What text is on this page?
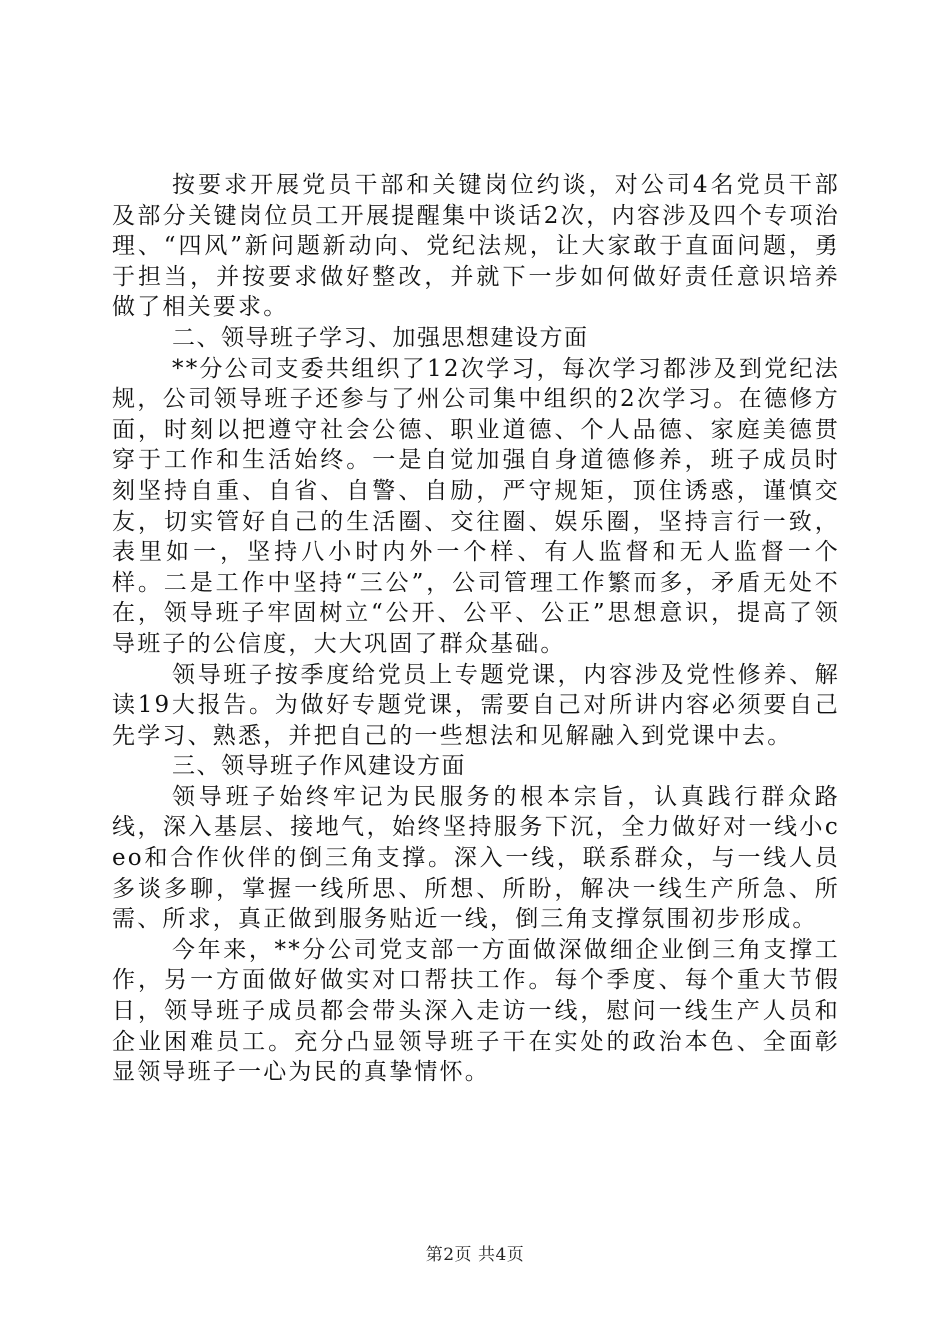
按要求开展党员干部和关键岗位约谈，对公司4名党员干部及部分关键岗位员工开展提醒集中谈话2次，内容涉及四个专项治理、“四风”新问题新动向、党纪法规，让大家敢于直面问题，勇于担当，并按要求做好整改，并就下一步如何做好责任意识培养做了相关要求。

二、领导班子学习、加强思想建设方面

**分公司支委共组织了12次学习，每次学习都涉及到党纪法规，公司领导班子还参与了州公司集中组织的2次学习。在德修方面，时刻以把遵守社会公德、职业道德、个人品德、家庭美德贯穿于工作和生活始终。一是自觉加强自身道德修养，班子成员时刻坚持自重、自省、自警、自励，严守规矩，顶住诱惑，谨慎交友，切实管好自己的生活圈、交往圈、娱乐圈，坚持言行一致，表里如一，坚持八小时内外一个样、有人监督和无人监督一个样。二是工作中坚持“三公”，公司管理工作繁而多，矛盾无处不在，领导班子牢固树立“公开、公平、公正”思想意识，提高了领导班子的公信度，大大巩固了群众基础。

领导班子按季度给党员上专题党课，内容涉及党性修养、解读19大报告。为做好专题党课，需要自己对所讲内容必须要自己先学习、熟悉，并把自己的一些想法和见解融入到党课中去。

三、领导班子作风建设方面

领导班子始终牢记为民服务的根本宗旨，认真践行群众路线，深入基层、接地气，始终坚持服务下沉，全力做好对一线小ceo和合作伙伴的倒三角支撑。深入一线，联系群众，与一线人员多谈多聊，掌握一线所思、所想、所盼，解决一线生产所急、所需、所求，真正做到服务贴近一线，倒三角支撑氛围初步形成。

今年来，**分公司党支部一方面做深做细企业倒三角支撑工作，另一方面做好做实对口帮扶工作。每个季度、每个重大节假日，领导班子成员都会带头深入走访一线，慰问一线生产人员和企业困难员工。充分凸显领导班子干在实处的政治本色、全面彰显领导班子一心为民的真挚情怀。

第2页 共4页
